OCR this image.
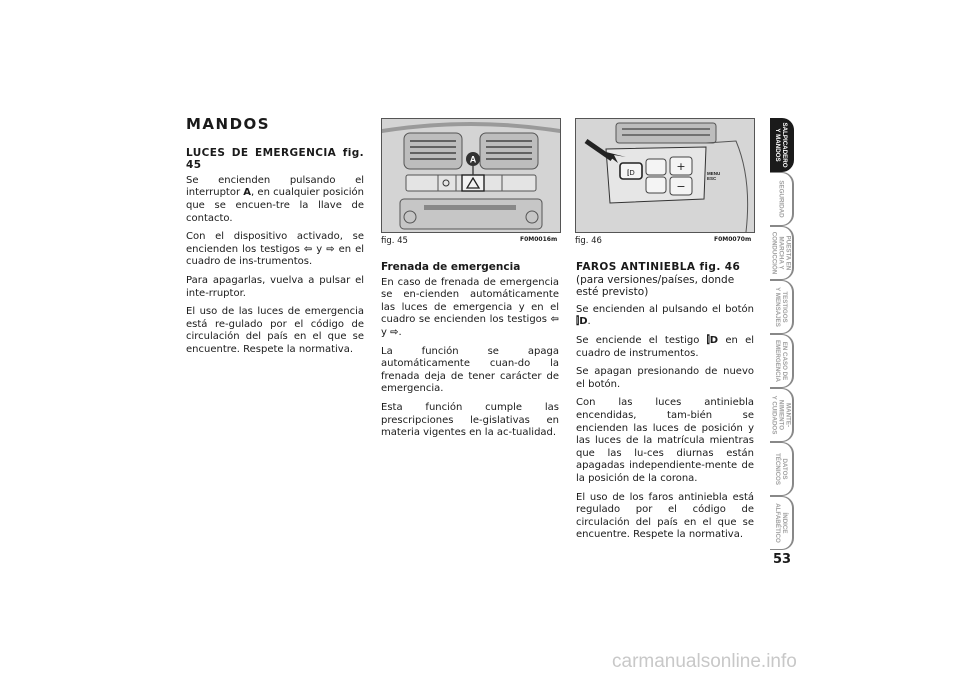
MANDOS
LUCES DE EMERGENCIA fig. 45

Se encienden pulsando el interruptor A, en cualquier posición que se encuen-tre la llave de contacto.

Con el dispositivo activado, se encienden los testigos ⇦ y ⇨ en el cuadro de ins-trumentos.

Para apagarlas, vuelva a pulsar el inte-rruptor.

El uso de las luces de emergencia está re-gulado por el código de circulación del país en el que se encuentre. Respete la normativa.

A
fig. 45	F0M0016m
+
−
⫿D	MENU ESC
fig. 46	F0M0070m
Frenada de emergencia

En caso de frenada de emergencia se en-cienden automáticamente las luces de emergencia y en el cuadro se encienden los testigos ⇦ y ⇨.

La función se apaga automáticamente cuan-do la frenada deja de tener carácter de emergencia.

Esta función cumple las prescripciones le-gislativas en materia vigentes en la ac-tualidad.

FAROS ANTINIEBLA fig. 46
(para versiones/países, donde esté previsto)

Se encienden al pulsando el botón ⫿D.

Se enciende el testigo ⫿D en el cuadro de instrumentos.

Se apagan presionando de nuevo el botón.

Con las luces antiniebla encendidas, tam-bién se encienden las luces de posición y las luces de la matrícula mientras que las lu-ces diurnas están apagadas independiente-mente de la posición de la corona.

El uso de los faros antiniebla está regulado por el código de circulación del país en el que se encuentre. Respete la normativa.

SALPICADERO
Y MANDOS
SEGURIDAD
PUESTA EN
MARCHA Y
CONDUCCIÓN
TESTIGOS
Y MENSAJES
EN CASO DE
EMERGENCIA
MANTE-
NIMIENTO
Y CUIDADOS
DATOS
TÉCNICOS
ÍNDICE
ALFABÉTICO
53
carmanualsonline.info
